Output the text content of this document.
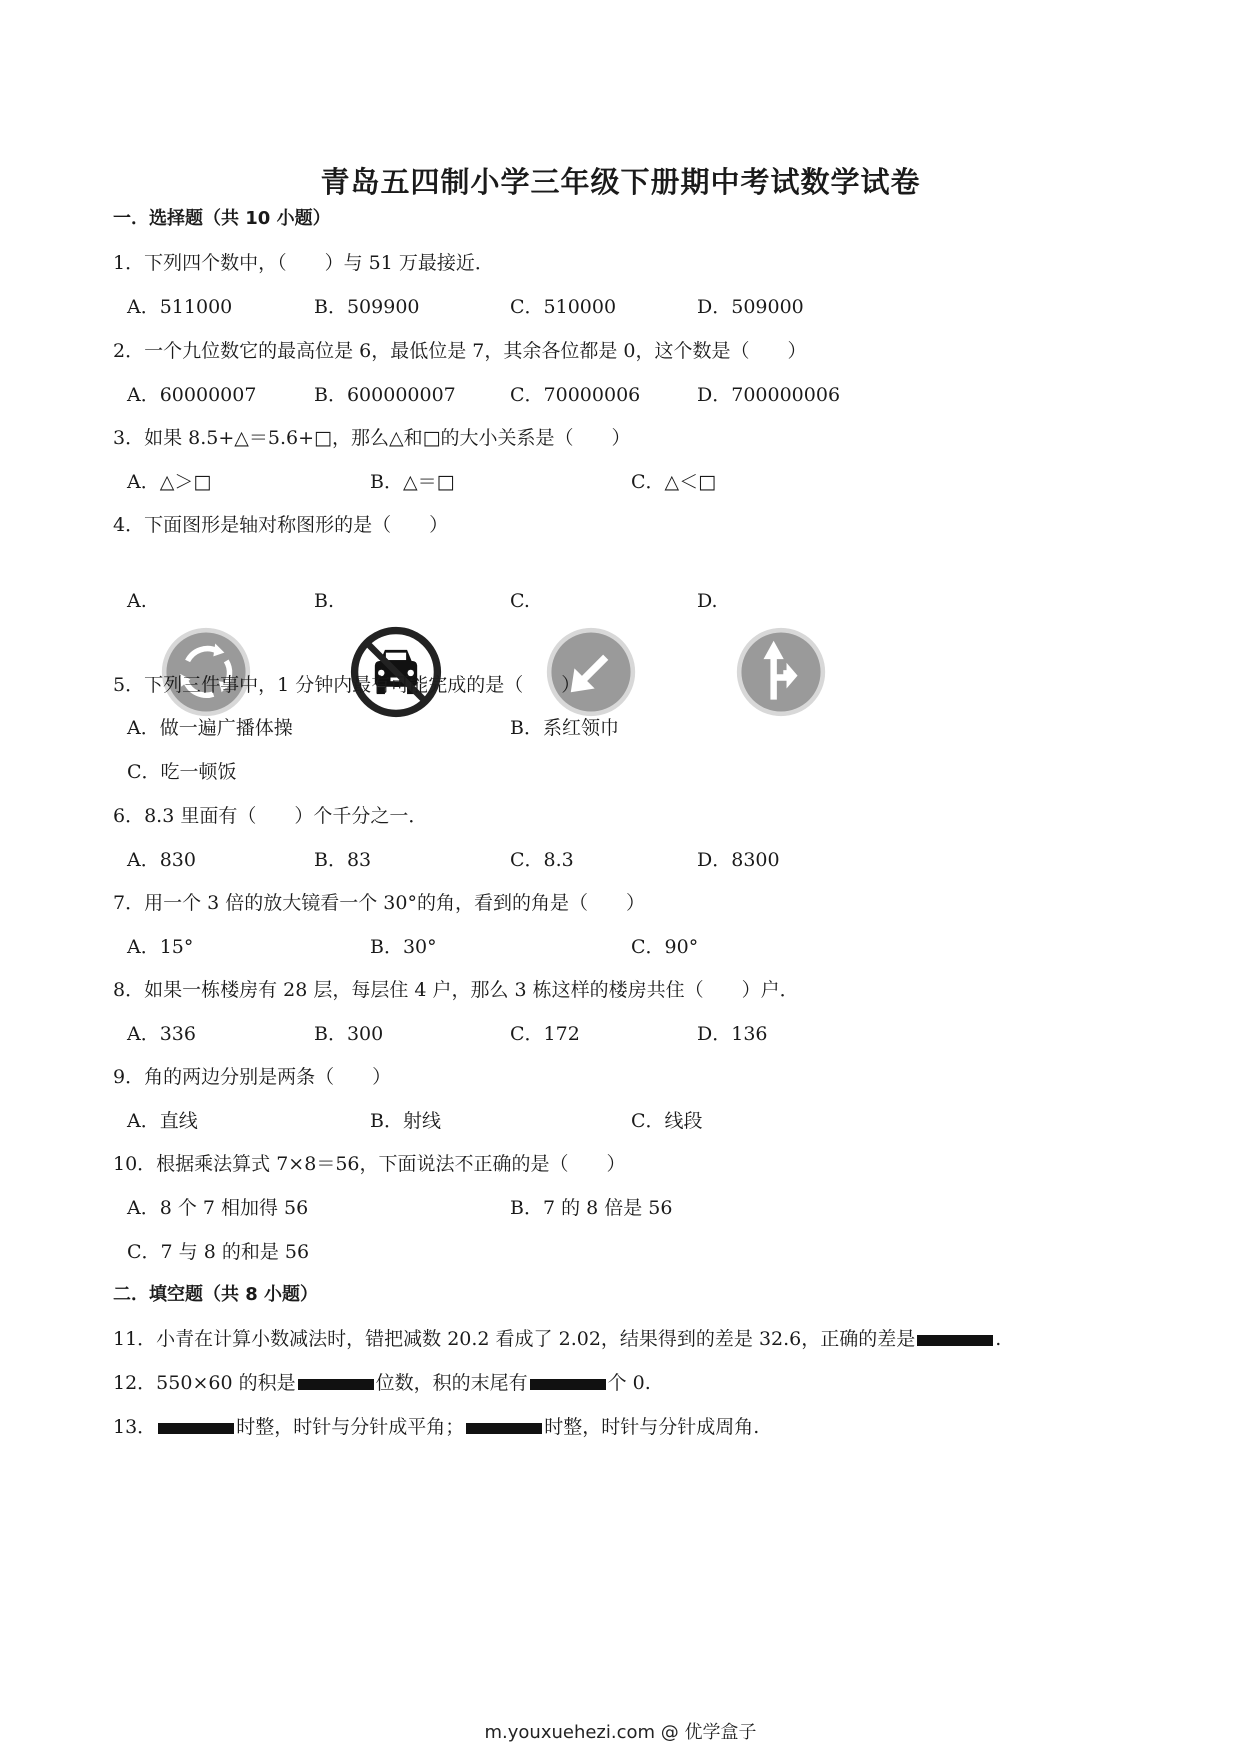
青岛五四制小学三年级下册期中考试数学试卷
一．选择题（共 10 小题）
1．下列四个数中，（　　）与 51 万最接近．
A．511000	B．509900	C．510000	D．509000
2．一个九位数它的最高位是 6，最低位是 7，其余各位都是 0，这个数是（　　）
A．60000007	B．600000007	C．70000006	D．700000006
3．如果 8.5+△＝5.6+□，那么△和□的大小关系是（　　）
A．△＞□	B．△＝□	C．△＜□
4．下面图形是轴对称图形的是（　　）
A.	B.	C.	D.
5．下列三件事中，1 分钟内最有可能完成的是（　　）
A．做一遍广播体操	B．系红领巾
C．吃一顿饭
6．8.3 里面有（　　）个千分之一．
A．830	B．83	C．8.3	D．8300
7．用一个 3 倍的放大镜看一个 30°的角，看到的角是（　　）
A．15°	B．30°	C．90°
8．如果一栋楼房有 28 层，每层住 4 户，那么 3 栋这样的楼房共住（　　）户．
A．336	B．300	C．172	D．136
9．角的两边分别是两条（　　）
A．直线	B．射线	C．线段
10．根据乘法算式 7×8＝56，下面说法不正确的是（　　）
A．8 个 7 相加得 56	B．7 的 8 倍是 56
C．7 与 8 的和是 56
二．填空题（共 8 小题）
11．小青在计算小数减法时，错把减数 20.2 看成了 2.02，结果得到的差是 32.6，正确的差是	.
12．550×60 的积是	位数，积的末尾有	个 0.
13．	时整，时针与分针成平角；	时整，时针与分针成周角.
m.youxuehezi.com @ 优学盒子
